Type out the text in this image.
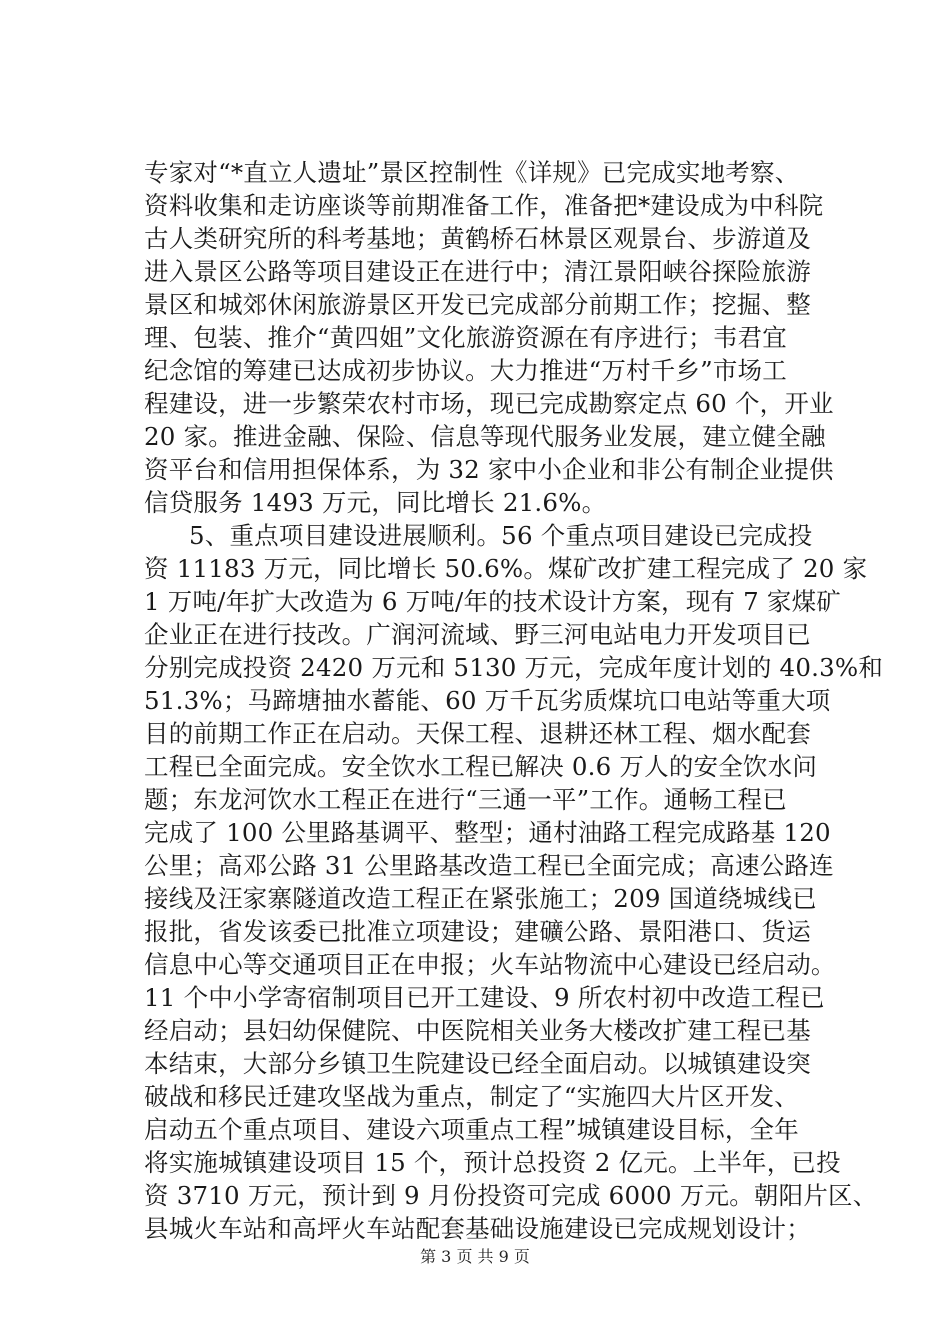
专家对“*直立人遗址”景区控制性《详规》已完成实地考察、
资料收集和走访座谈等前期准备工作，准备把*建设成为中科院
古人类研究所的科考基地；黄鹤桥石林景区观景台、步游道及
进入景区公路等项目建设正在进行中；清江景阳峡谷探险旅游
景区和城郊休闲旅游景区开发已完成部分前期工作；挖掘、整
理、包装、推介“黄四姐”文化旅游资源在有序进行；韦君宜
纪念馆的筹建已达成初步协议。大力推进“万村千乡”市场工
程建设，进一步繁荣农村市场，现已完成勘察定点 60 个，开业
20 家。推进金融、保险、信息等现代服务业发展，建立健全融
资平台和信用担保体系，为 32 家中小企业和非公有制企业提供
信贷服务 1493 万元，同比增长 21.6%。
5、重点项目建设进展顺利。56 个重点项目建设已完成投
资 11183 万元，同比增长 50.6%。煤矿改扩建工程完成了 20 家
1 万吨/年扩大改造为 6 万吨/年的技术设计方案，现有 7 家煤矿
企业正在进行技改。广润河流域、野三河电站电力开发项目已
分别完成投资 2420 万元和 5130 万元，完成年度计划的 40.3%和
51.3%；马蹄塘抽水蓄能、60 万千瓦劣质煤坑口电站等重大项
目的前期工作正在启动。天保工程、退耕还林工程、烟水配套
工程已全面完成。安全饮水工程已解决 0.6 万人的安全饮水问
题；东龙河饮水工程正在进行“三通一平”工作。通畅工程已
完成了 100 公里路基调平、整型；通村油路工程完成路基 120
公里；高邓公路 31 公里路基改造工程已全面完成；高速公路连
接线及汪家寨隧道改造工程正在紧张施工；209 国道绕城线已
报批，省发该委已批准立项建设；建礦公路、景阳港口、货运
信息中心等交通项目正在申报；火车站物流中心建设已经启动。
11 个中小学寄宿制项目已开工建设、9 所农村初中改造工程已
经启动；县妇幼保健院、中医院相关业务大楼改扩建工程已基
本结束，大部分乡镇卫生院建设已经全面启动。以城镇建设突
破战和移民迁建攻坚战为重点，制定了“实施四大片区开发、
启动五个重点项目、建设六项重点工程”城镇建设目标，全年
将实施城镇建设项目 15 个，预计总投资 2 亿元。上半年，已投
资 3710 万元，预计到 9 月份投资可完成 6000 万元。朝阳片区、
县城火车站和高坪火车站配套基础设施建设已完成规划设计；
第 3 页 共 9 页
